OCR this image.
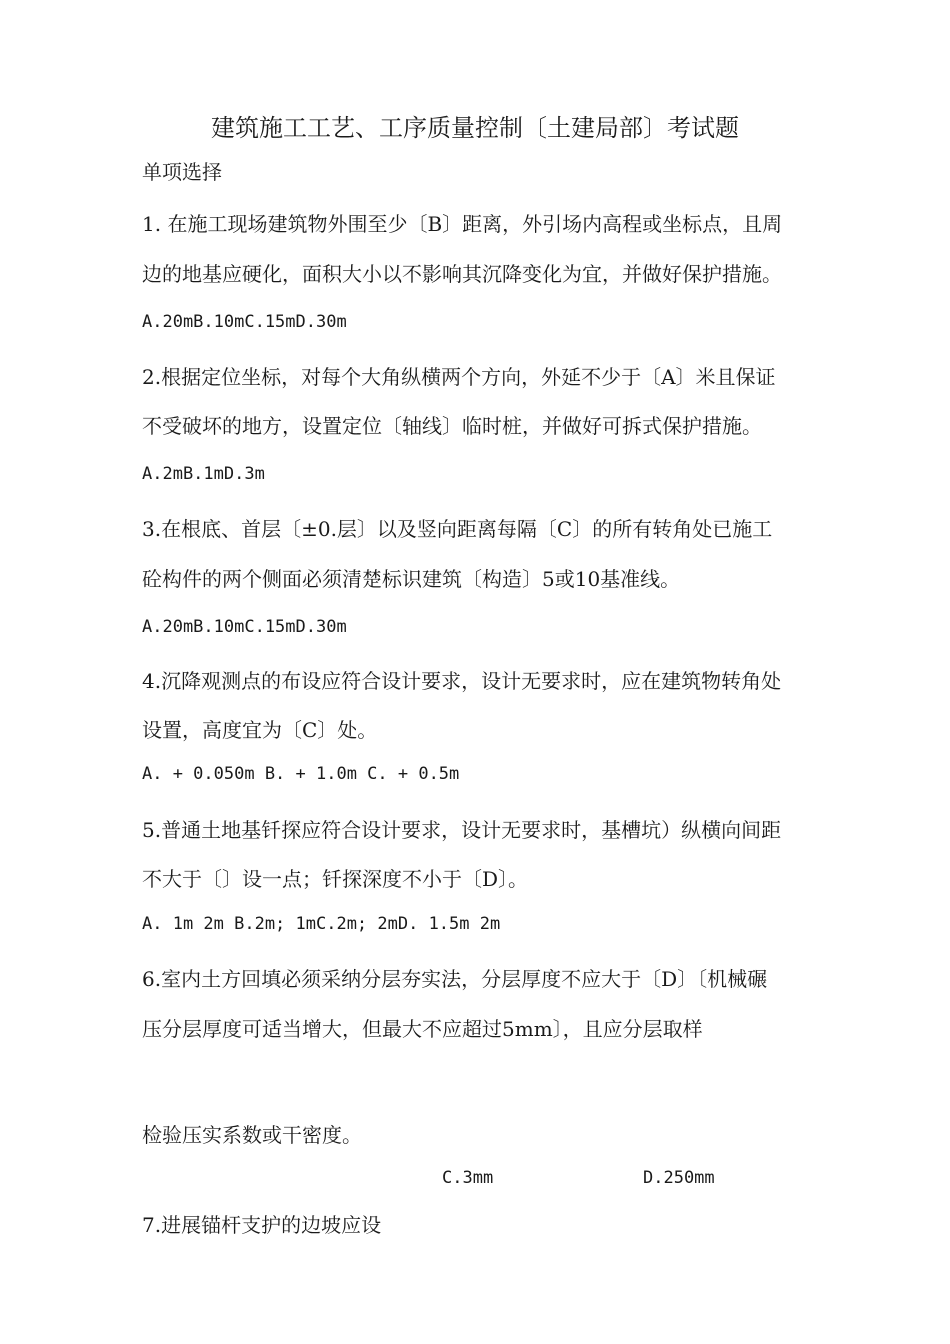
建筑施工工艺、工序质量控制〔土建局部〕考试题
单项选择
1. 在施工现场建筑物外围至少〔B〕距离，外引场内高程或坐标点，且周
边的地基应硬化，面积大小以不影响其沉降变化为宜，并做好保护措施。
A.20mB.10mC.15mD.30m
2.根据定位坐标，对每个大角纵横两个方向，外延不少于〔A〕米且保证
不受破坏的地方，设置定位〔轴线〕临时桩，并做好可拆式保护措施。
A.2mB.1mD.3m
3.在根底、首层〔±0.层〕以及竖向距离每隔〔C〕的所有转角处已施工
砼构件的两个侧面必须清楚标识建筑〔构造〕5或10基准线。
A.20mB.10mC.15mD.30m
4.沉降观测点的布设应符合设计要求，设计无要求时，应在建筑物转角处
设置，高度宜为〔C〕处。
A. + 0.050m B. + 1.0m C. + 0.5m
5.普通土地基钎探应符合设计要求，设计无要求时，基槽坑）纵横向间距
不大于〔〕设一点；钎探深度不小于〔D〕。
A. 1m 2m B.2m; 1mC.2m; 2mD. 1.5m 2m
6.室内土方回填必须采纳分层夯实法，分层厚度不应大于〔D〕〔机械碾
压分层厚度可适当增大，但最大不应超过5mm〕，且应分层取样
检验压实系数或干密度。
C.3mm	D.250mm
7.进展锚杆支护的边坡应设
